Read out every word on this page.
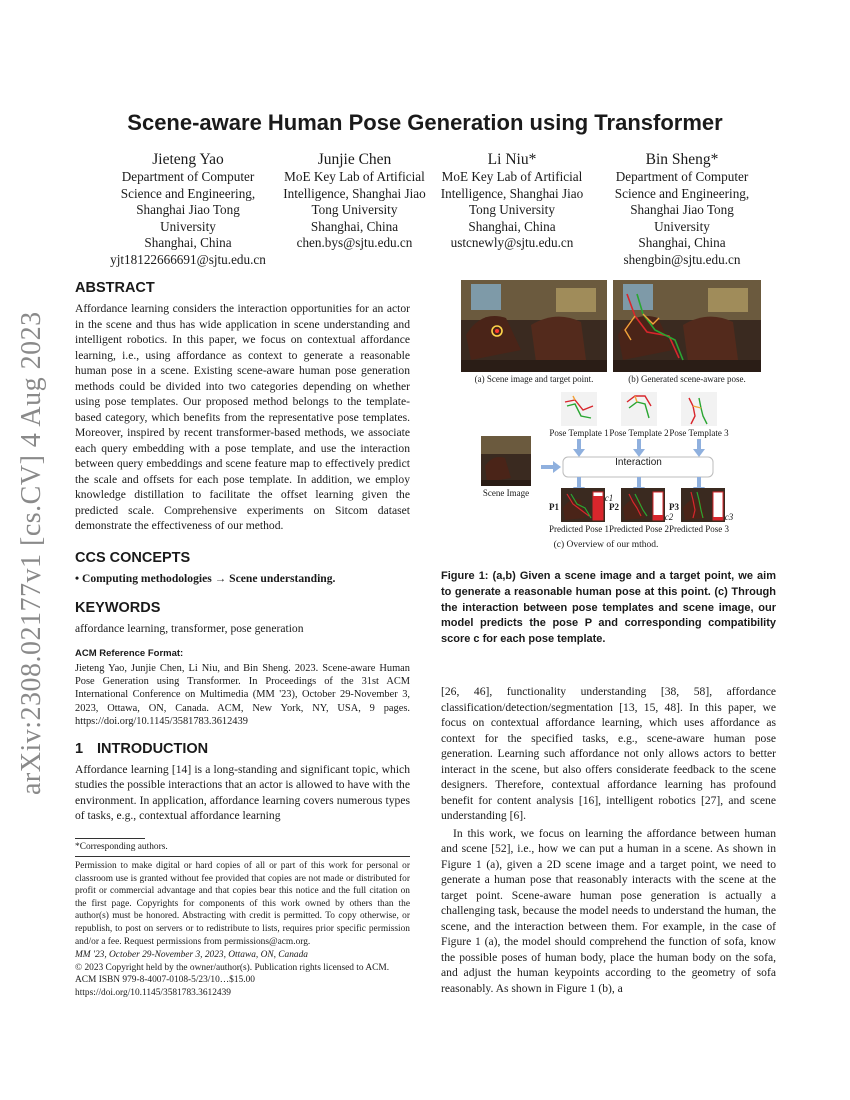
arXiv:2308.02177v1 [cs.CV] 4 Aug 2023
Scene-aware Human Pose Generation using Transformer
Jieteng Yao
Department of Computer
Science and Engineering,
Shanghai Jiao Tong
University
Shanghai, China
yjt18122666691@sjtu.edu.cn
Junjie Chen
MoE Key Lab of Artificial
Intelligence, Shanghai Jiao
Tong University
Shanghai, China
chen.bys@sjtu.edu.cn
Li Niu*
MoE Key Lab of Artificial
Intelligence, Shanghai Jiao
Tong University
Shanghai, China
ustcnewly@sjtu.edu.cn
Bin Sheng*
Department of Computer
Science and Engineering,
Shanghai Jiao Tong
University
Shanghai, China
shengbin@sjtu.edu.cn
ABSTRACT

Affordance learning considers the interaction opportunities for an actor in the scene and thus has wide application in scene understanding and intelligent robotics. In this paper, we focus on contextual affordance learning, i.e., using affordance as context to generate a reasonable human pose in a scene. Existing scene-aware human pose generation methods could be divided into two categories depending on whether using pose templates. Our proposed method belongs to the template-based category, which benefits from the representative pose templates. Moreover, inspired by recent transformer-based methods, we associate each query embedding with a pose template, and use the interaction between query embeddings and scene feature map to effectively predict the scale and offsets for each pose template. In addition, we employ knowledge distillation to facilitate the offset learning given the predicted scale. Comprehensive experiments on Sitcom dataset demonstrate the effectiveness of our method.

CCS CONCEPTS

• Computing methodologies → Scene understanding.

KEYWORDS

affordance learning, transformer, pose generation

ACM Reference Format:

Jieteng Yao, Junjie Chen, Li Niu, and Bin Sheng. 2023. Scene-aware Human Pose Generation using Transformer. In Proceedings of the 31st ACM International Conference on Multimedia (MM '23), October 29-November 3, 2023, Ottawa, ON, Canada. ACM, New York, NY, USA, 9 pages. https://doi.org/10.1145/3581783.3612439

1 INTRODUCTION

Affordance learning [14] is a long-standing and significant topic, which studies the possible interactions that an actor is allowed to have with the environment. In application, affordance learning covers numerous types of tasks, e.g., contextual affordance learning

*Corresponding authors.

Permission to make digital or hard copies of all or part of this work for personal or classroom use is granted without fee provided that copies are not made or distributed for profit or commercial advantage and that copies bear this notice and the full citation on the first page. Copyrights for components of this work owned by others than the author(s) must be honored. Abstracting with credit is permitted. To copy otherwise, or republish, to post on servers or to redistribute to lists, requires prior specific permission and/or a fee. Request permissions from permissions@acm.org.

MM '23, October 29-November 3, 2023, Ottawa, ON, Canada

© 2023 Copyright held by the owner/author(s). Publication rights licensed to ACM.

ACM ISBN 979-8-4007-0108-5/23/10…$15.00

https://doi.org/10.1145/3581783.3612439

(a) Scene image and target point.	(b) Generated scene-aware pose.
Pose Template 1 Pose Template 2 Pose Template 3
Interaction
Scene Image
P1	P2	P3
c1
c2	c3
Predicted Pose 1 Predicted Pose 2 Predicted Pose 3
(c) Overview of our mthod.

Figure 1: (a,b) Given a scene image and a target point, we aim to generate a reasonable human pose at this point. (c) Through the interaction between pose templates and scene image, our model predicts the pose P and corresponding compatibility score c for each pose template.

[26, 46], functionality understanding [38, 58], affordance classification/detection/segmentation [13, 15, 48]. In this paper, we focus on contextual affordance learning, which uses affordance as context for the specified tasks, e.g., scene-aware human pose generation. Learning such affordance not only allows actors to better interact in the scene, but also offers considerate feedback to the scene designers. Therefore, contextual affordance learning has profound benefit for content analysis [16], intelligent robotics [27], and scene understanding [6].

In this work, we focus on learning the affordance between human and scene [52], i.e., how we can put a human in a scene. As shown in Figure 1 (a), given a 2D scene image and a target point, we need to generate a human pose that reasonably interacts with the scene at the target point. Scene-aware human pose generation is actually a challenging task, because the model needs to understand the human, the scene, and the interaction between them. For example, in the case of Figure 1 (a), the model should comprehend the function of sofa, know the possible poses of human body, place the human body on the sofa, and adjust the human keypoints according to the geometry of sofa reasonably. As shown in Figure 1 (b), a
